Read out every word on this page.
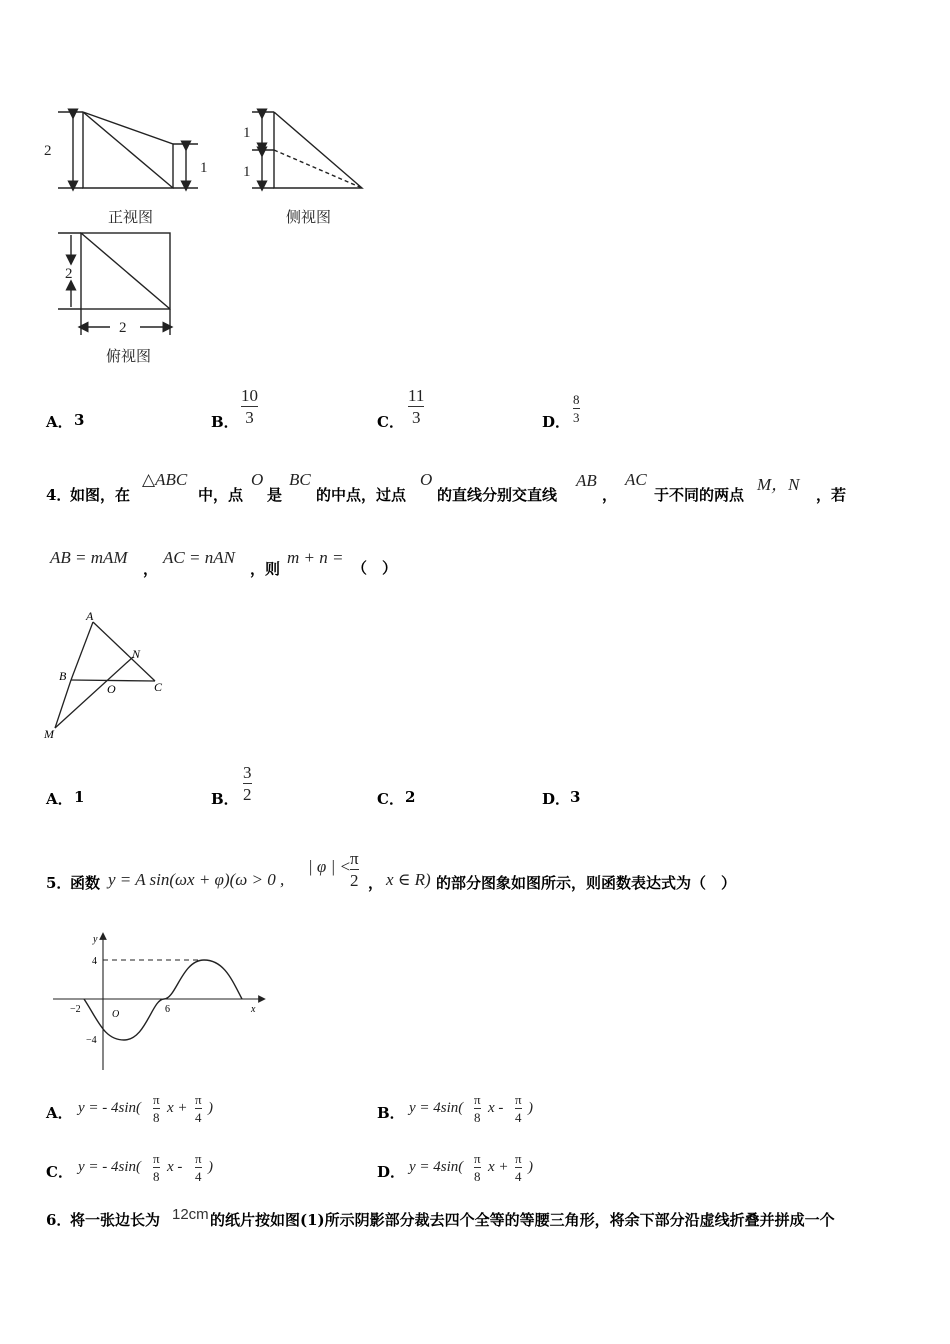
2
1
正视图
1
1
侧视图
2
2
俯视图
A． 3	B．
10
3	C．
11
3	D．
8
3
4．
如图，在
△ABC
中，点
O
是
BC
的中点，过点
O
的直线分别交直线
AB
，
AC
于不同的两点
M，N
，若
AB = mAM
，
AC = nAN
，则
m + n =
（　）
A
B
C
O
N
M
A． 1	B．
3
2	C． 2	D． 3
5．
函数 y = A sin(ωx + φ)(ω > 0 ,
| φ | < π
2 ， x ∈ R) 的部分图象如图所示，则函数表达式为（　）
y
x
O
4
−4
−2	6
A． y = - 4sin(
π
8
x +
π
4
)	B． y = 4sin(
π
8
x -
π
4
)
C． y = - 4sin(
π
8
x -
π
4
)	D． y = 4sin(
π
8
x +
π
4
)
6．
将一张边长为 12cm 的纸片按如图(1)所示阴影部分裁去四个全等的等腰三角形，将余下部分沿虚线折叠并拼成一个
